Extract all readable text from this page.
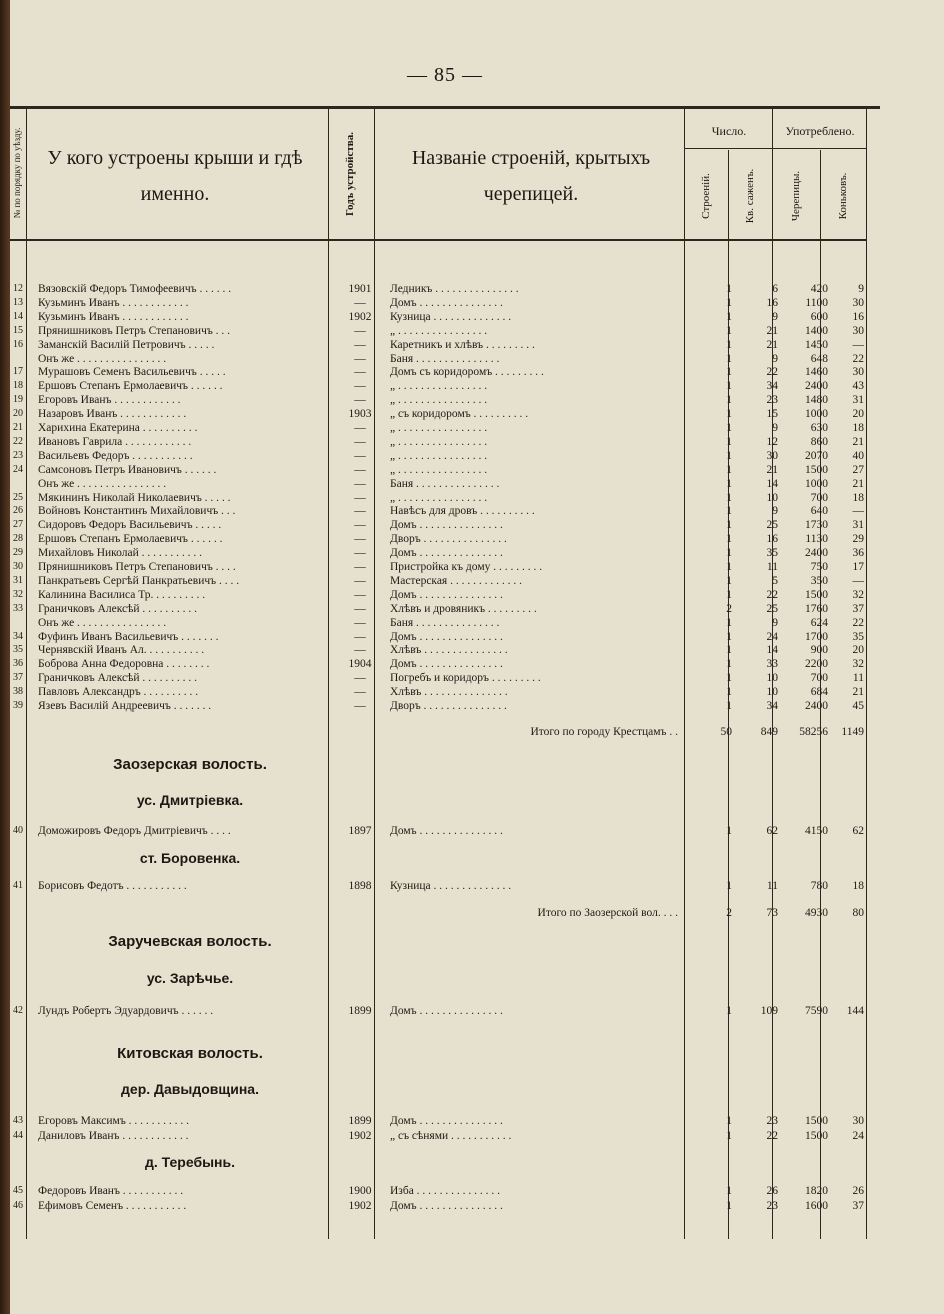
— 85 —
№ по порядку по уѣзду.	У кого устроены крыши и гдѣ именно.	Годъ устройства.	Названіе строеній, крытыхъ черепицей.
Число.	Употреблено.
Строеній.	Кв. саженъ.	Черепицы.	Коньковъ.
12 Вязовскій Федоръ Тимофеевичъ . . . . . .	1901	Ледникъ . . . . . . . . . . . . . . .	1	6	420	9
13 Кузьминъ Иванъ . . . . . . . . . . . .	—	Домъ . . . . . . . . . . . . . . .	1	16	1100	30
14 Кузьминъ Иванъ . . . . . . . . . . . .	1902	Кузница . . . . . . . . . . . . . .	1	9	600	16
15 Прянишниковъ Петръ Степановичъ . . .	—	„ . . . . . . . . . . . . . . . .	1	21	1400	30
16 Заманскій Василій Петровичъ . . . . .	—	Каретникъ и хлѣвъ . . . . . . . . .	1	21	1450	—
Онъ же . . . . . . . . . . . . . . . .	—	Баня . . . . . . . . . . . . . . .	1	9	648	22
17 Мурашовъ Семенъ Васильевичъ . . . . .	—	Домъ съ коридоромъ . . . . . . . . .	1	22	1460	30
18 Ершовъ Степанъ Ермолаевичъ . . . . . .	—	„ . . . . . . . . . . . . . . . .	1	34	2400	43
19 Егоровъ Иванъ . . . . . . . . . . . .	—	„ . . . . . . . . . . . . . . . .	1	23	1480	31
20 Назаровъ Иванъ . . . . . . . . . . . .	1903	„ съ коридоромъ . . . . . . . . . .	1	15	1000	20
21 Харихина Екатерина . . . . . . . . . .	—	„ . . . . . . . . . . . . . . . .	1	9	630	18
22 Ивановъ Гаврила . . . . . . . . . . . .	—	„ . . . . . . . . . . . . . . . .	1	12	860	21
23 Васильевъ Федоръ . . . . . . . . . . .	—	„ . . . . . . . . . . . . . . . .	1	30	2070	40
24 Самсоновъ Петръ Ивановичъ . . . . . .	—	„ . . . . . . . . . . . . . . . .	1	21	1500	27
Онъ же . . . . . . . . . . . . . . . .	—	Баня . . . . . . . . . . . . . . .	1	14	1000	21
25 Мякининъ Николай Николаевичъ . . . . .	—	„ . . . . . . . . . . . . . . . .	1	10	700	18
26 Войновъ Константинъ Михайловичъ . . .	—	Навѣсъ для дровъ . . . . . . . . . .	1	9	640	—
27 Сидоровъ Федоръ Васильевичъ . . . . .	—	Домъ . . . . . . . . . . . . . . .	1	25	1730	31
28 Ершовъ Степанъ Ермолаевичъ . . . . . .	—	Дворъ . . . . . . . . . . . . . . .	1	16	1130	29
29 Михайловъ Николай . . . . . . . . . . .	—	Домъ . . . . . . . . . . . . . . .	1	35	2400	36
30 Прянишниковъ Петръ Степановичъ . . . .	—	Пристройка къ дому . . . . . . . . .	1	11	750	17
31 Панкратьевъ Сергѣй Панкратьевичъ . . . .	—	Мастерская . . . . . . . . . . . . .	1	5	350	—
32 Калинина Василиса Тр. . . . . . . . . .	—	Домъ . . . . . . . . . . . . . . .	1	22	1500	32
33 Граничковъ Алексѣй . . . . . . . . . .	—	Хлѣвъ и дровяникъ . . . . . . . . .	2	25	1760	37
Онъ же . . . . . . . . . . . . . . . .	—	Баня . . . . . . . . . . . . . . .	1	9	624	22
34 Фуфинъ Иванъ Васильевичъ . . . . . . .	—	Домъ . . . . . . . . . . . . . . .	1	24	1700	35
35 Чернявскій Иванъ Ал. . . . . . . . . . .	—	Хлѣвъ . . . . . . . . . . . . . . .	1	14	900	20
36 Боброва Анна Федоровна . . . . . . . .	1904	Домъ . . . . . . . . . . . . . . .	1	33	2200	32
37 Граничковъ Алексѣй . . . . . . . . . .	—	Погребъ и коридоръ . . . . . . . . .	1	10	700	11
38 Павловъ Александръ . . . . . . . . . .	—	Хлѣвъ . . . . . . . . . . . . . . .	1	10	684	21
39 Язевъ Василій Андреевичъ . . . . . . .	—	Дворъ . . . . . . . . . . . . . . .	1	34	2400	45
Итого по городу Крестцамъ . .	50	849	58256	1149
Заозерская волость.
ус. Дмитріевка.
40 Доможировъ Федоръ Дмитріевичъ . . . .	1897	Домъ . . . . . . . . . . . . . . .	1	62	4150	62
ст. Боровенка.
41 Борисовъ Федотъ . . . . . . . . . . .	1898	Кузница . . . . . . . . . . . . . .	1	11	780	18
Итого по Заозерской вол. . . .	2	73	4930	80
Заручевская волость.
ус. Зарѣчье.
42 Лундъ Робертъ Эдуардовичъ . . . . . .	1899	Домъ . . . . . . . . . . . . . . .	1	109	7590	144
Китовская волость.
дер. Давыдовщина.
43 Егоровъ Максимъ . . . . . . . . . . .	1899	Домъ . . . . . . . . . . . . . . .	1	23	1500	30
44 Даниловъ Иванъ . . . . . . . . . . . .	1902	„ съ сѣнями . . . . . . . . . . .	1	22	1500	24
д. Теребынь.
45 Федоровъ Иванъ . . . . . . . . . . .	1900	Изба . . . . . . . . . . . . . . .	1	26	1820	26
46 Ефимовъ Семенъ . . . . . . . . . . .	1902	Домъ . . . . . . . . . . . . . . .	1	23	1600	37
